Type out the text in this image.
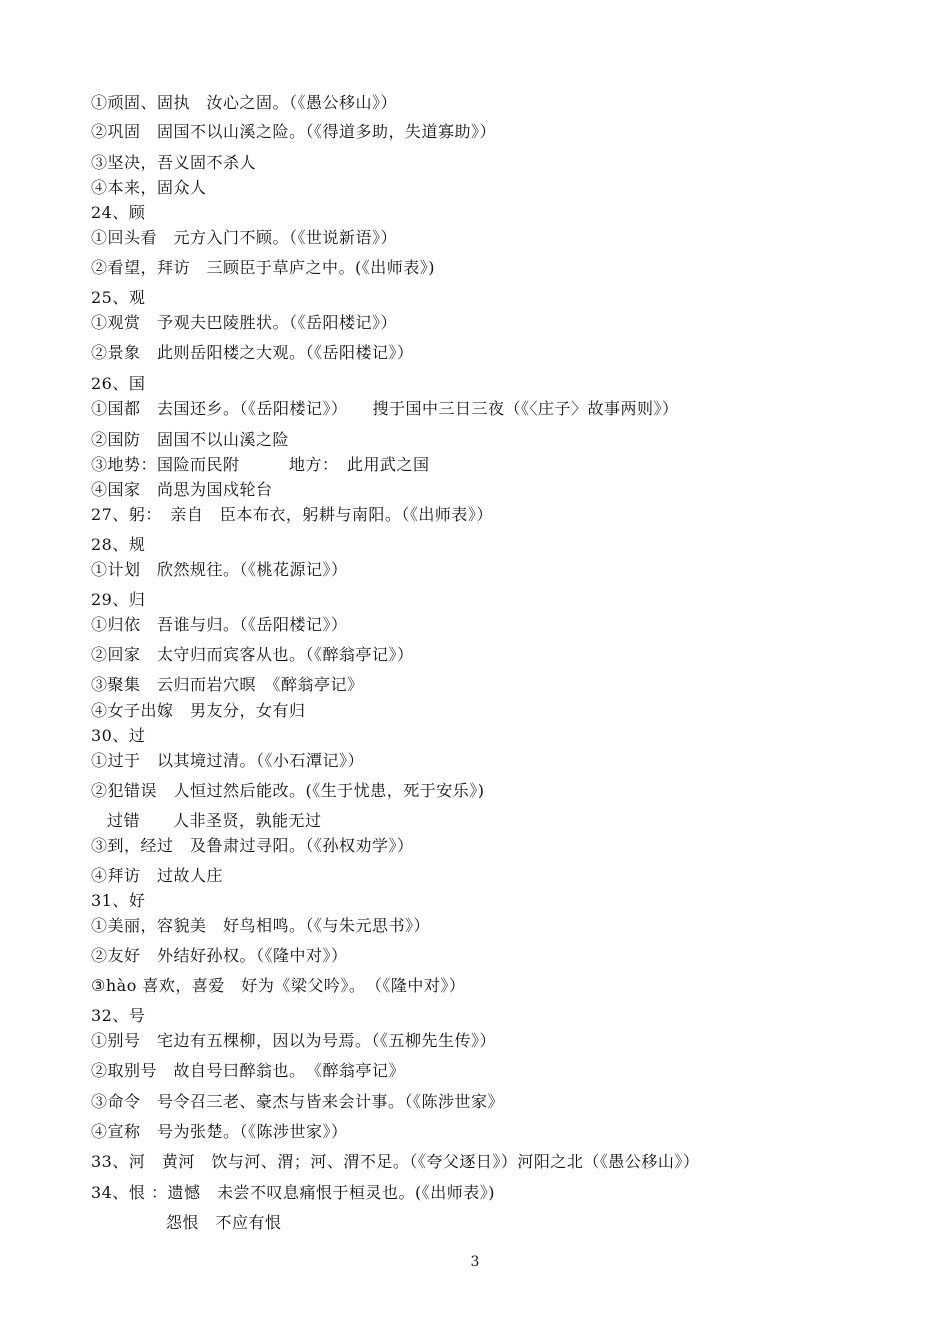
①顽固、固执　汝心之固。（《愚公移山》）
②巩固　固国不以山溪之险。（《得道多助，失道寡助》）
③坚决，吾义固不杀人
④本来，固众人
24、顾
①回头看　元方入门不顾。（《世说新语》）
②看望，拜访　三顾臣于草庐之中。(《出师表》)
25、观
①观赏　予观夫巴陵胜状。（《岳阳楼记》）
②景象　此则岳阳楼之大观。（《岳阳楼记》）
26、国
①国都　去国还乡。（《岳阳楼记》）　　搜于国中三日三夜（《〈庄子〉故事两则》）
②国防　固国不以山溪之险
③地势：国险而民附　　　地方：　此用武之国
④国家　尚思为国戍轮台
27、躬：　亲自　臣本布衣，躬耕与南阳。（《出师表》）
28、规
①计划　欣然规往。（《桃花源记》）
29、归
①归依　吾谁与归。（《岳阳楼记》）
②回家　太守归而宾客从也。（《醉翁亭记》）
③聚集　云归而岩穴暝　《醉翁亭记》
④女子出嫁　男友分，女有归
30、过
①过于　以其境过清。（《小石潭记》）
②犯错误　人恒过然后能改。(《生于忧患，死于安乐》)
过错　　人非圣贤，孰能无过
③到，经过　及鲁肃过寻阳。（《孙权劝学》）
④拜访　过故人庄
31、好
①美丽，容貌美　好鸟相鸣。（《与朱元思书》）
②友好　外结好孙权。（《隆中对》）
③hào 喜欢，喜爱　好为《梁父吟》。　（《隆中对》）
32、号
①别号　宅边有五棵柳，因以为号焉。（《五柳先生传》）
②取别号　故自号曰醉翁也。　《醉翁亭记》
③命令　号令召三老、豪杰与皆来会计事。（《陈涉世家》
④宣称　号为张楚。（《陈涉世家》）
33、河　黄河　饮与河、渭；河、渭不足。（《夸父逐日》）河阳之北（《愚公移山》）
34、恨 ：遗憾　未尝不叹息痛恨于桓灵也。(《出师表》)
怨恨　不应有恨
3
